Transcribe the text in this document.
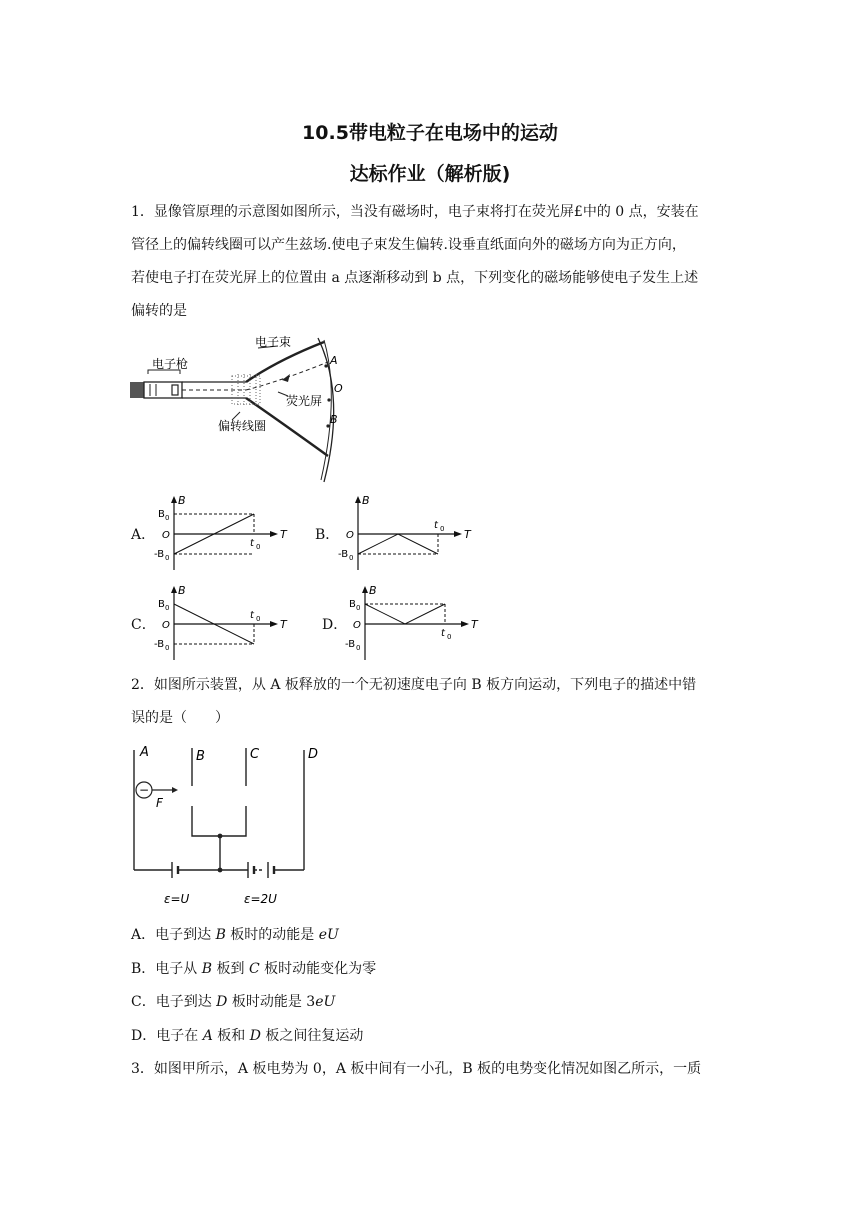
10.5带电粒子在电场中的运动
达标作业（解析版)
1．显像管原理的示意图如图所示，当没有磁场时，电子束将打在荧光屏£中的 0 点，安装在
管径上的偏转线圈可以产生兹场.使电子束发生偏转.设垂直纸面向外的磁场方向为正方向，
若使电子打在荧光屏上的位置由 a 点逐渐移动到 b 点，下列变化的磁场能够使电子发生上述
偏转的是
电子束
电子枪
荧光屏
偏转线圈
A
O
B
A．
B
B 0
O
-B 0
t 0
T B．
B
O
-B 0
t 0 T
C．
B
B 0
O
-B 0
t 0 T	D．
B
B 0
O
-B 0
t 0
T
2．如图所示装置，从 A 板释放的一个无初速度电子向 B 板方向运动，下列电子的描述中错
误的是（　　）
−
F
A	B	C	D
ε=U	ε=2U
A．电子到达 B 板时的动能是 eU
B．电子从 B 板到 C 板时动能变化为零
C．电子到达 D 板时动能是 3eU
D．电子在 A 板和 D 板之间往复运动
3．如图甲所示，A 板电势为 0，A 板中间有一小孔，B 板的电势变化情况如图乙所示，一质
